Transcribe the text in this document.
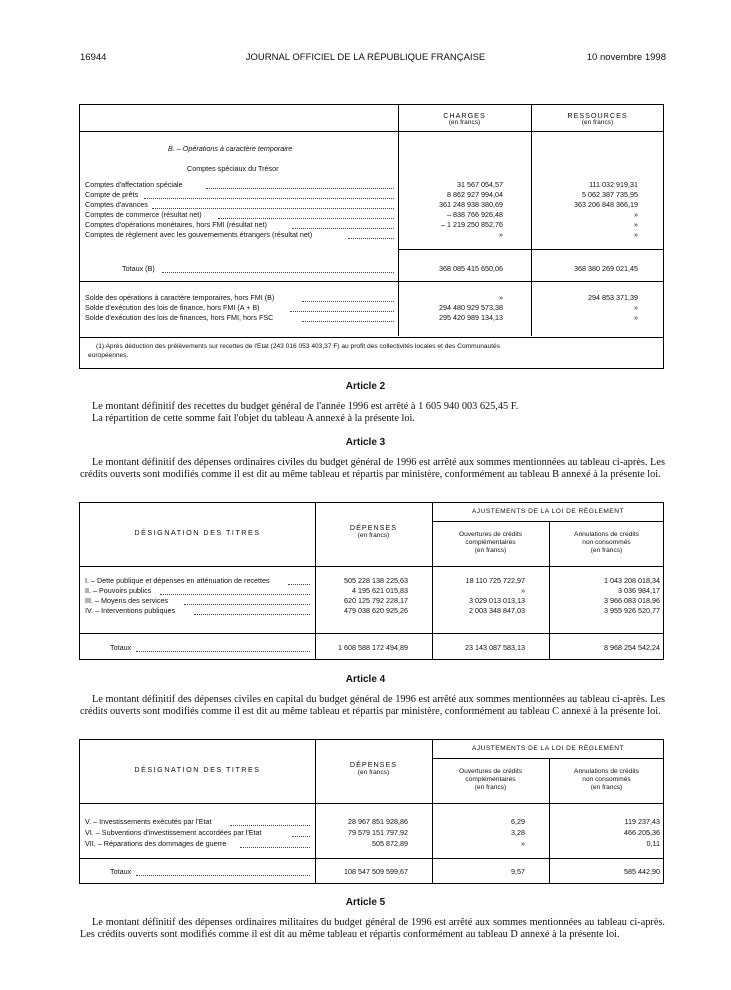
16944	JOURNAL OFFICIEL DE LA RÉPUBLIQUE FRANÇAISE	10 novembre 1998
CHARGES
(en francs)
RESSOURCES
(en francs)
B. – Opérations à caractère temporaire
Comptes spéciaux du Trésor
Comptes d'affectation spéciale	31 567 054,57	111 032 919,31
Compte de prêts	8 862 927 994,04	5 062 387 735,95
Comptes d'avances	361 248 938 380,69	363 206 848 366,19
Comptes de commerce (résultat net)	– 838 766 926,48	»
Comptes d'opérations monétaires, hors FMI (résultat net)	– 1 219 250 852,76	»
Comptes de règlement avec les gouvernements étrangers (résultat net)	»	»
Totaux (B)	368 085 415 650,06	368 380 269 021,45
Solde des opérations à caractère temporaires, hors FMI (B)	»	294 853 371,39
Solde d'exécution des lois de finance, hors FMI (A + B)	294 480 929 573,38	»
Solde d'exécution des lois de finances, hors FMI, hors FSC	295 420 989 134,13	»
(1) Après déduction des prélèvements sur recettes de l'Etat (243 016 053 403,37 F) au profit des collectivités locales et des Communautés
européennes.
Article 2

Le montant définitif des recettes du budget général de l'année 1996 est arrêté à 1 605 940 003 625,45 F.

La répartition de cette somme fait l'objet du tableau A annexé à la présente loi.

Article 3

Le montant définitif des dépenses ordinaires civiles du budget général de 1996 est arrêté aux sommes mentionnées au tableau ci-après. Les crédits ouverts sont modifiés comme il est dit au même tableau et répartis par ministère, conformément au tableau B annexé à la présente loi.

DÉSIGNATION DES TITRES
DÉPENSES
(en francs)
AJUSTEMENTS DE LA LOI DE RÈGLEMENT
Ouvertures de crédits
complémentaires
(en francs)
Annulations de crédits
non consommés
(en francs)
I. – Dette publique et dépenses en atténuation de recettes	505 228 138 225,63	18 110 725 722,97	1 043 208 018,34
II. – Pouvoirs publics	4 195 621 015,83	»	3 036 984,17
III. – Moyens des services	620 125 792 228,17	3 029 013 013,13	3 966 083 018,96
IV. – Interventions publiques	479 038 620 925,26	2 003 348 847,03	3 955 926 520,77
Totaux	1 608 588 172 494,89	23 143 087 583,13	8 968 254 542,24
Article 4

Le montant définitif des dépenses civiles en capital du budget général de 1996 est arrêté aux sommes mentionnées au tableau ci-après. Les crédits ouverts sont modifiés comme il est dit au même tableau et répartis par ministère, conformément au tableau C annexé à la présente loi.

DÉSIGNATION DES TITRES
DÉPENSES
(en francs)
AJUSTEMENTS DE LA LOI DE RÈGLEMENT
Ouvertures de crédits
complémentaires
(en francs)
Annulations de crédits
non consommés
(en francs)
V. – Investissements exécutés par l'Etat	28 967 851 928,86	6,29	119 237,43
VI. – Subventions d'investissement accordées par l'Etat	79 579 151 797,92	3,28	466 205,36
VII. – Réparations des dommages de guerre	505 872,89	»	0,11
Totaux	108 547 509 599,67	9,57	585 442,90
Article 5

Le montant définitif des dépenses ordinaires militaires du budget général de 1996 est arrêté aux sommes mentionnées au tableau ci-après. Les crédits ouverts sont modifiés comme il est dit au même tableau et répartis conformément au tableau D annexé à la présente loi.
